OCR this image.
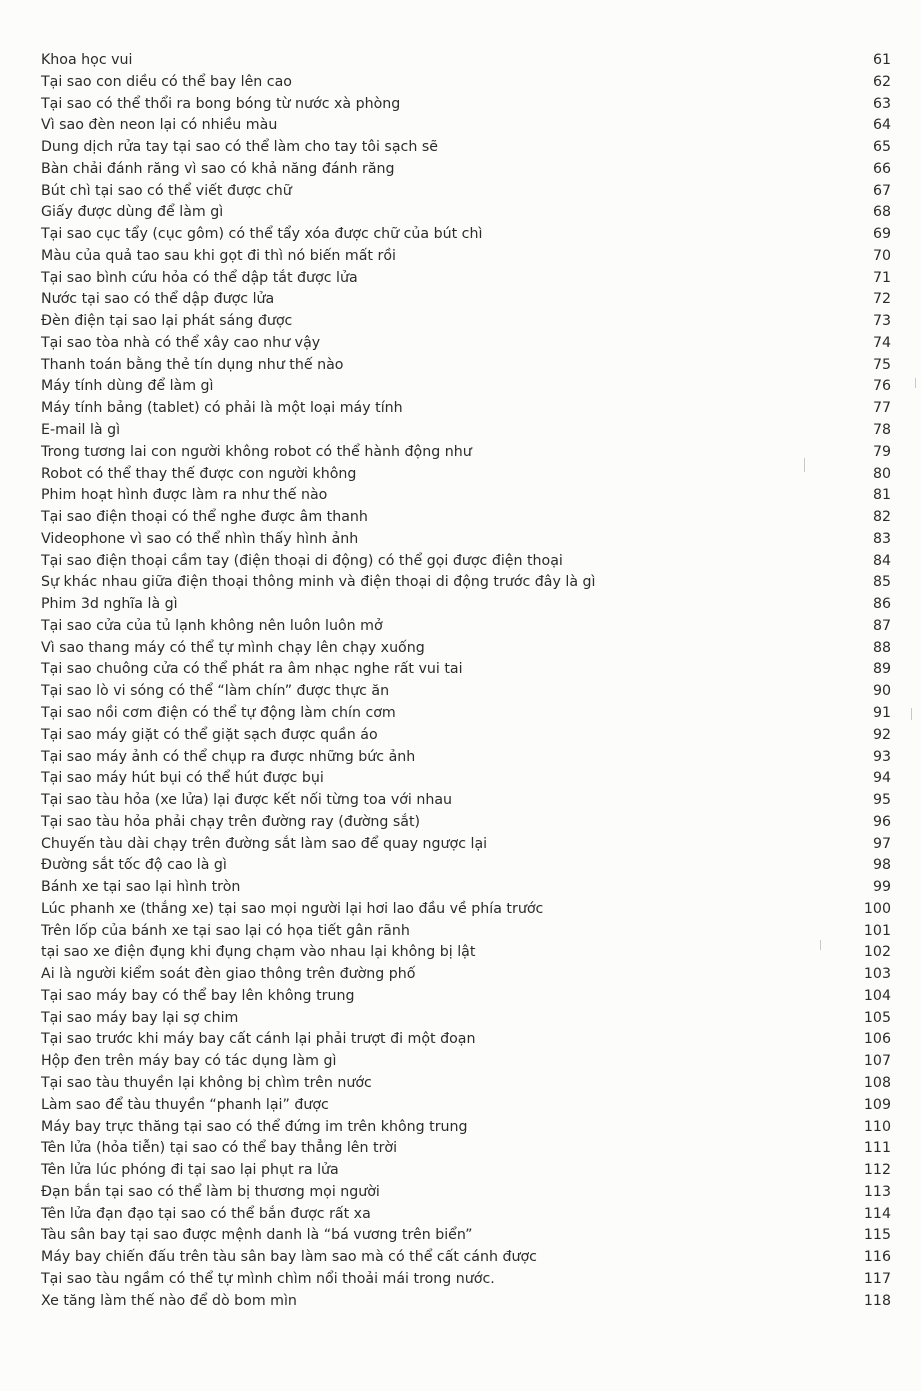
Khoa học vui	61
Tại sao con diều có thể bay lên cao	62
Tại sao có thể thổi ra bong bóng từ nước xà phòng	63
Vì sao đèn neon lại có nhiều màu	64
Dung dịch rửa tay tại sao có thể làm cho tay tôi sạch sẽ	65
Bàn chải đánh răng vì sao có khả năng đánh răng	66
Bút chì tại sao có thể viết được chữ	67
Giấy được dùng để làm gì	68
Tại sao cục tẩy (cục gôm) có thể tẩy xóa được chữ của bút chì	69
Màu của quả tao sau khi gọt đi thì nó biến mất rồi	70
Tại sao bình cứu hỏa có thể dập tắt được lửa	71
Nước tại sao có thể dập được lửa	72
Đèn điện tại sao lại phát sáng được	73
Tại sao tòa nhà có thể xây cao như vậy	74
Thanh toán bằng thẻ tín dụng như thế nào	75
Máy tính dùng để làm gì	76
Máy tính bảng (tablet) có phải là một loại máy tính	77
E-mail là gì	78
Trong tương lai con người không robot có thể hành động như	79
Robot có thể thay thế được con người không	80
Phim hoạt hình được làm ra như thế nào	81
Tại sao điện thoại có thể nghe được âm thanh	82
Videophone vì sao có thể nhìn thấy hình ảnh	83
Tại sao điện thoại cầm tay (điện thoại di động) có thể gọi được điện thoại	84
Sự khác nhau giữa điện thoại thông minh và điện thoại di động trước đây là gì	85
Phim 3d nghĩa là gì	86
Tại sao cửa của tủ lạnh không nên luôn luôn mở	87
Vì sao thang máy có thể tự mình chạy lên chạy xuống	88
Tại sao chuông cửa có thể phát ra âm nhạc nghe rất vui tai	89
Tại sao lò vi sóng có thể “làm chín” được thực ăn	90
Tại sao nồi cơm điện có thể tự động làm chín cơm	91
Tại sao máy giặt có thể giặt sạch được quần áo	92
Tại sao máy ảnh có thể chụp ra được những bức ảnh	93
Tại sao máy hút bụi có thể hút được bụi	94
Tại sao tàu hỏa (xe lửa) lại được kết nối từng toa với nhau	95
Tại sao tàu hỏa phải chạy trên đường ray (đường sắt)	96
Chuyến tàu dài chạy trên đường sắt làm sao để quay ngược lại	97
Đường sắt tốc độ cao là gì	98
Bánh xe tại sao lại hình tròn	99
Lúc phanh xe (thắng xe) tại sao mọi người lại hơi lao đầu về phía trước	100
Trên lốp của bánh xe tại sao lại có họa tiết gân rãnh	101
tại sao xe điện đụng khi đụng chạm vào nhau lại không bị lật	102
Ai là người kiểm soát đèn giao thông trên đường phố	103
Tại sao máy bay có thể bay lên không trung	104
Tại sao máy bay lại sợ chim	105
Tại sao trước khi máy bay cất cánh lại phải trượt đi một đoạn	106
Hộp đen trên máy bay có tác dụng làm gì	107
Tại sao tàu thuyền lại không bị chìm trên nước	108
Làm sao để tàu thuyền “phanh lại” được	109
Máy bay trực thăng tại sao có thể đứng im trên không trung	110
Tên lửa (hỏa tiễn) tại sao có thể bay thẳng lên trời	111
Tên lửa lúc phóng đi tại sao lại phụt ra lửa	112
Đạn bắn tại sao có thể làm bị thương mọi người	113
Tên lửa đạn đạo tại sao có thể bắn được rất xa	114
Tàu sân bay tại sao được mệnh danh là “bá vương trên biển”	115
Máy bay chiến đấu trên tàu sân bay làm sao mà có thể cất cánh được	116
Tại sao tàu ngầm có thể tự mình chìm nổi thoải mái trong nước.	117
Xe tăng làm thế nào để dò bom mìn	118
